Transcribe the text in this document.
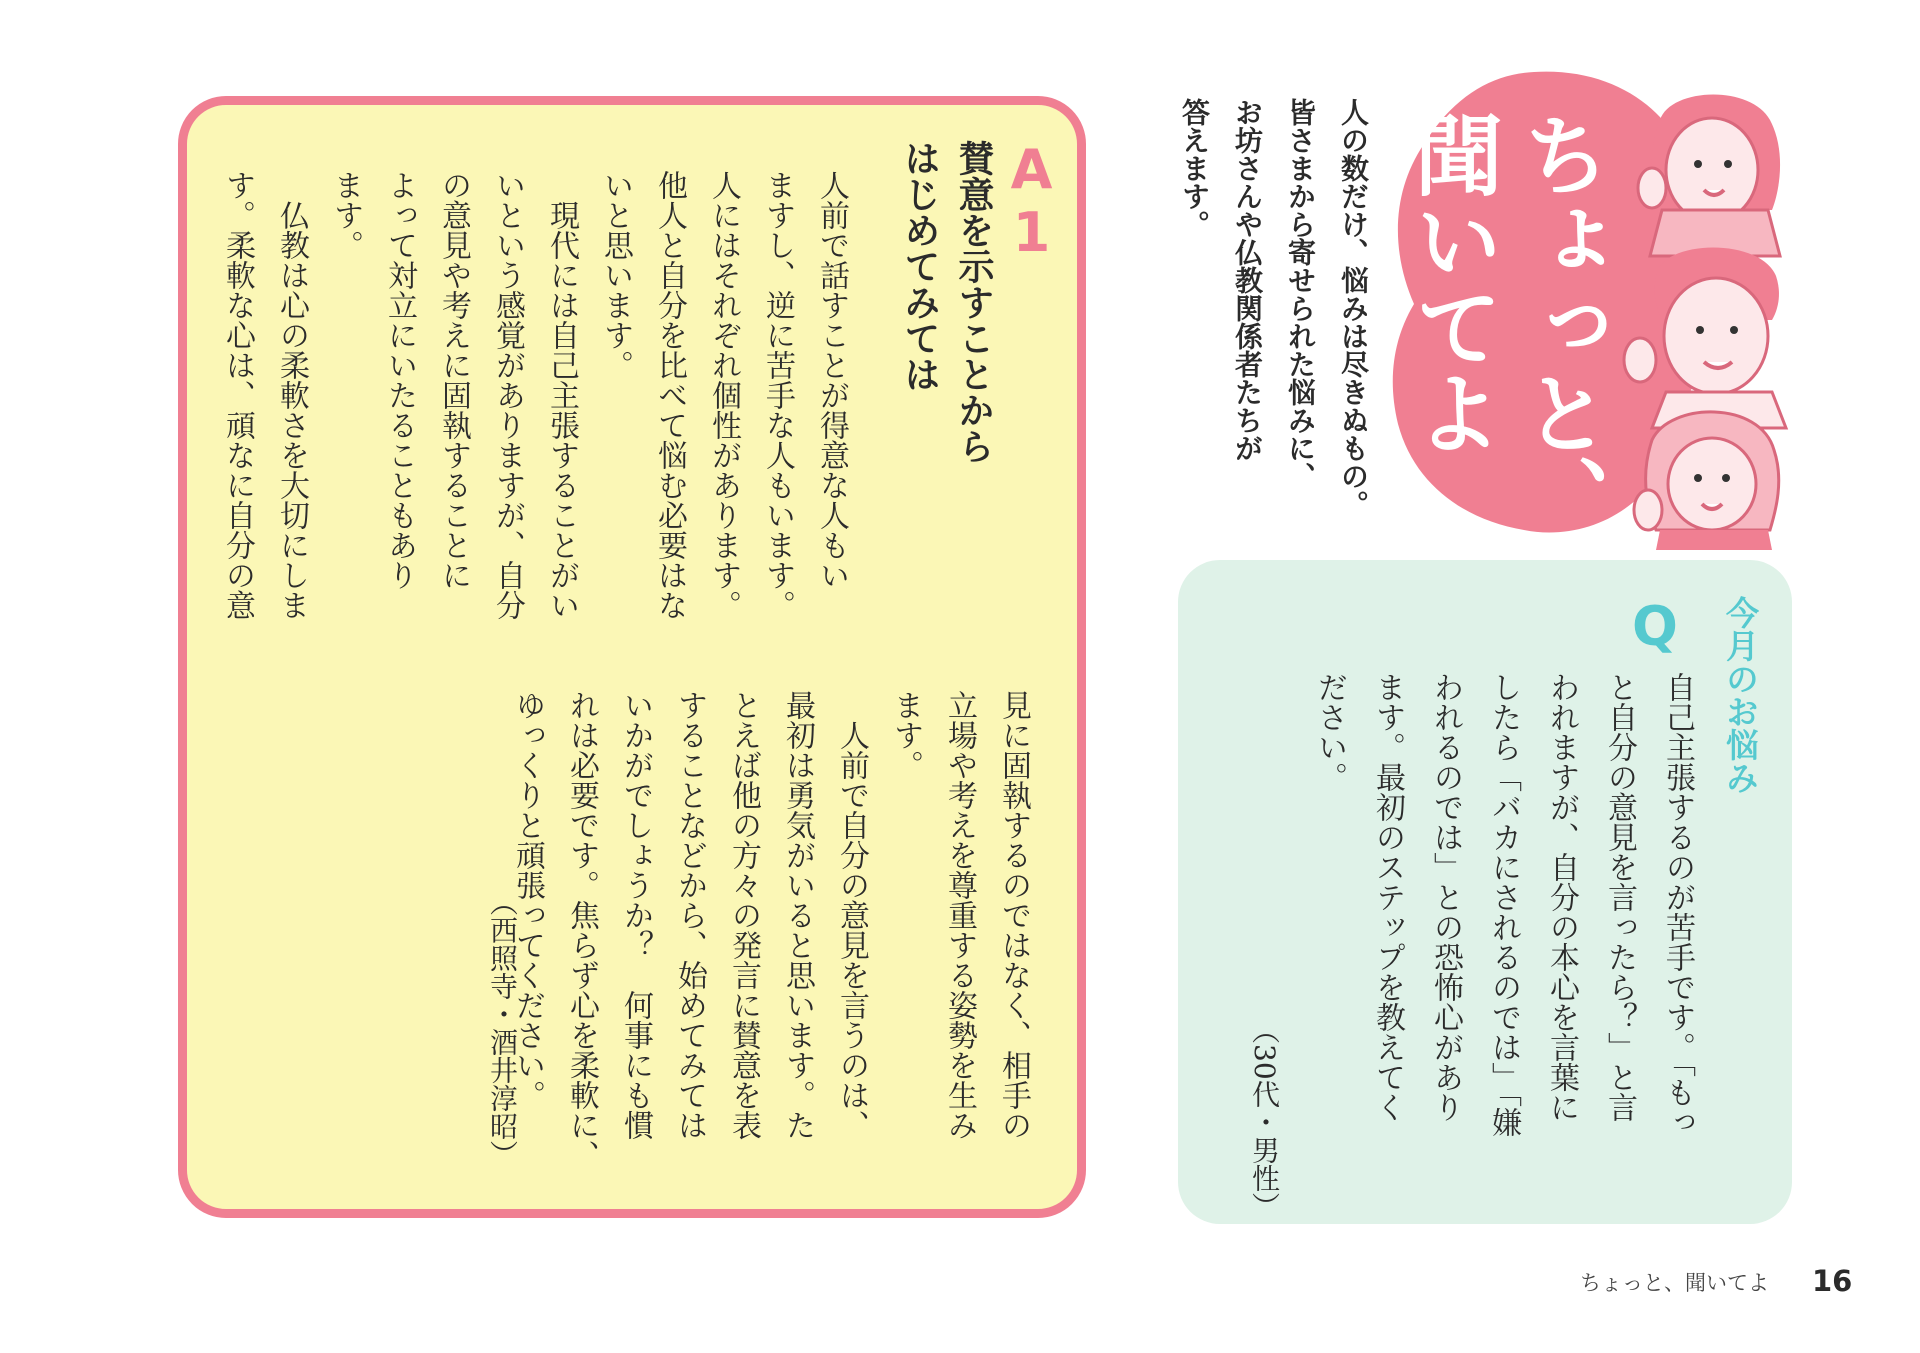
A1
賛意を示すことから
はじめてみては
人前で話すことが得意な人もい
ますし、逆に苦手な人もいます。
人にはそれぞれ個性があります。
他人と自分を比べて悩む必要はな
いと思います。
　現代には自己主張することがい
いという感覚がありますが、自分
の意見や考えに固執することに
よって対立にいたることもあり
ます。
　仏教は心の柔軟さを大切にしま
す。柔軟な心は、頑なに自分の意
見に固執するのではなく、相手の
立場や考えを尊重する姿勢を生み
ます。
　人前で自分の意見を言うのは、
最初は勇気がいると思います。た
とえば他の方々の発言に賛意を表
することなどから、始めてみては
いかがでしょうか？　何事にも慣
れは必要です。焦らず心を柔軟に、
ゆっくりと頑張ってください。
（西照寺・酒井淳昭）
今月のお悩み
Q
自己主張するのが苦手です。「もっ
と自分の意見を言ったら？」と言
われますが、自分の本心を言葉に
したら「バカにされるのでは」「嫌
われるのでは」との恐怖心があり
ます。最初のステップを教えてく
ださい。
（30代・男性）
人の数だけ、悩みは尽きぬもの。
皆さまから寄せられた悩みに、
お坊さんや仏教関係者たちが
答えます。	ちょっと、
聞いてよ
ちょっと、聞いてよ 16
